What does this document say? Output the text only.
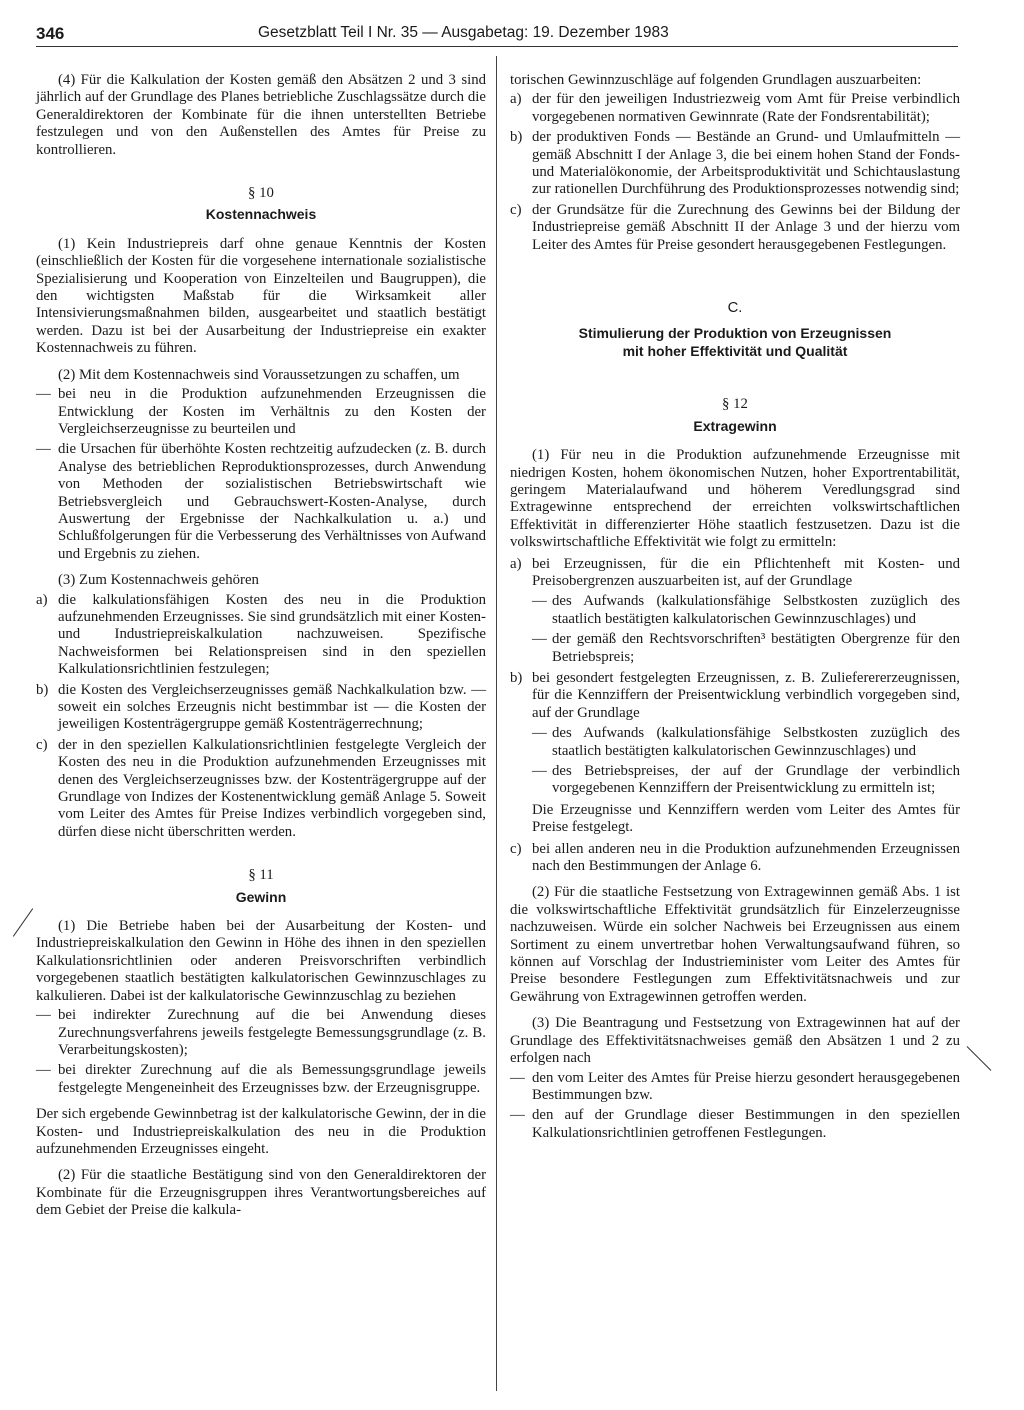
346	Gesetzblatt Teil I Nr. 35 — Ausgabetag: 19. Dezember 1983

(4) Für die Kalkulation der Kosten gemäß den Absätzen 2 und 3 sind jährlich auf der Grundlage des Planes betriebliche Zuschlagssätze durch die Generaldirektoren der Kombinate für die ihnen unterstellten Betriebe festzulegen und von den Außenstellen des Amtes für Preise zu kontrollieren.

§ 10
Kostennachweis

(1) Kein Industriepreis darf ohne genaue Kenntnis der Kosten (einschließlich der Kosten für die vorgesehene internationale sozialistische Spezialisierung und Kooperation von Einzelteilen und Baugruppen), die den wichtigsten Maßstab für die Wirksamkeit aller Intensivierungsmaßnahmen bilden, ausgearbeitet und staatlich bestätigt werden. Dazu ist bei der Ausarbeitung der Industriepreise ein exakter Kostennachweis zu führen.

(2) Mit dem Kostennachweis sind Voraussetzungen zu schaffen, um

— bei neu in die Produktion aufzunehmenden Erzeugnissen die Entwicklung der Kosten im Verhältnis zu den Kosten der Vergleichserzeugnisse zu beurteilen und
— die Ursachen für überhöhte Kosten rechtzeitig aufzudecken (z. B. durch Analyse des betrieblichen Reproduktionsprozesses, durch Anwendung von Methoden der sozialistischen Betriebswirtschaft wie Betriebsvergleich und Gebrauchswert-Kosten-Analyse, durch Auswertung der Ergebnisse der Nachkalkulation u. a.) und Schlußfolgerungen für die Verbesserung des Verhältnisses von Aufwand und Ergebnis zu ziehen.

(3) Zum Kostennachweis gehören

a) die kalkulationsfähigen Kosten des neu in die Produktion aufzunehmenden Erzeugnisses. Sie sind grundsätzlich mit einer Kosten- und Industriepreiskalkulation nachzuweisen. Spezifische Nachweisformen bei Relationspreisen sind in den speziellen Kalkulationsrichtlinien festzulegen;
b) die Kosten des Vergleichserzeugnisses gemäß Nachkalkulation bzw. — soweit ein solches Erzeugnis nicht bestimmbar ist — die Kosten der jeweiligen Kostenträgergruppe gemäß Kostenträgerrechnung;
c) der in den speziellen Kalkulationsrichtlinien festgelegte Vergleich der Kosten des neu in die Produktion aufzunehmenden Erzeugnisses mit denen des Vergleichserzeugnisses bzw. der Kostenträgergruppe auf der Grundlage von Indizes der Kostenentwicklung gemäß Anlage 5. Soweit vom Leiter des Amtes für Preise Indizes verbindlich vorgegeben sind, dürfen diese nicht überschritten werden.
§ 11
Gewinn

(1) Die Betriebe haben bei der Ausarbeitung der Kosten- und Industriepreiskalkulation den Gewinn in Höhe des ihnen in den speziellen Kalkulationsrichtlinien oder anderen Preisvorschriften verbindlich vorgegebenen staatlich bestätigten kalkulatorischen Gewinnzuschlages zu kalkulieren. Dabei ist der kalkulatorische Gewinnzuschlag zu beziehen

— bei indirekter Zurechnung auf die bei Anwendung dieses Zurechnungsverfahrens jeweils festgelegte Bemessungsgrundlage (z. B. Verarbeitungskosten);
— bei direkter Zurechnung auf die als Bemessungsgrundlage jeweils festgelegte Mengeneinheit des Erzeugnisses bzw. der Erzeugnisgruppe.

Der sich ergebende Gewinnbetrag ist der kalkulatorische Gewinn, der in die Kosten- und Industriepreiskalkulation des neu in die Produktion aufzunehmenden Erzeugnisses eingeht.

(2) Für die staatliche Bestätigung sind von den Generaldirektoren der Kombinate für die Erzeugnisgruppen ihres Verantwortungsbereiches auf dem Gebiet der Preise die kalkula-

torischen Gewinnzuschläge auf folgenden Grundlagen auszuarbeiten:

a) der für den jeweiligen Industriezweig vom Amt für Preise verbindlich vorgegebenen normativen Gewinnrate (Rate der Fondsrentabilität);
b) der produktiven Fonds — Bestände an Grund- und Umlaufmitteln — gemäß Abschnitt I der Anlage 3, die bei einem hohen Stand der Fonds- und Materialökonomie, der Arbeitsproduktivität und Schichtauslastung zur rationellen Durchführung des Produktionsprozesses notwendig sind;
c) der Grundsätze für die Zurechnung des Gewinns bei der Bildung der Industriepreise gemäß Abschnitt II der Anlage 3 und der hierzu vom Leiter des Amtes für Preise gesondert herausgegebenen Festlegungen.
C.
Stimulierung der Produktion von Erzeugnissen
mit hoher Effektivität und Qualität
§ 12
Extragewinn

(1) Für neu in die Produktion aufzunehmende Erzeugnisse mit niedrigen Kosten, hohem ökonomischen Nutzen, hoher Exportrentabilität, geringem Materialaufwand und höherem Veredlungsgrad sind Extragewinne entsprechend der erreichten volkswirtschaftlichen Effektivität in differenzierter Höhe staatlich festzusetzen. Dazu ist die volkswirtschaftliche Effektivität wie folgt zu ermitteln:

a) bei Erzeugnissen, für die ein Pflichtenheft mit Kosten- und Preisobergrenzen auszuarbeiten ist, auf der Grundlage
— des Aufwands (kalkulationsfähige Selbstkosten zuzüglich des staatlich bestätigten kalkulatorischen Gewinnzuschlages) und
— der gemäß den Rechtsvorschriften³ bestätigten Obergrenze für den Betriebspreis;
b) bei gesondert festgelegten Erzeugnissen, z. B. Zulieferererzeugnissen, für die Kennziffern der Preisentwicklung verbindlich vorgegeben sind, auf der Grundlage
— des Aufwands (kalkulationsfähige Selbstkosten zuzüglich des staatlich bestätigten kalkulatorischen Gewinnzuschlages) und
— des Betriebspreises, der auf der Grundlage der verbindlich vorgegebenen Kennziffern der Preisentwicklung zu ermitteln ist;

Die Erzeugnisse und Kennziffern werden vom Leiter des Amtes für Preise festgelegt.

c) bei allen anderen neu in die Produktion aufzunehmenden Erzeugnissen nach den Bestimmungen der Anlage 6.

(2) Für die staatliche Festsetzung von Extragewinnen gemäß Abs. 1 ist die volkswirtschaftliche Effektivität grundsätzlich für Einzelerzeugnisse nachzuweisen. Würde ein solcher Nachweis bei Erzeugnissen aus einem Sortiment zu einem unvertretbar hohen Verwaltungsaufwand führen, so können auf Vorschlag der Industrieminister vom Leiter des Amtes für Preise besondere Festlegungen zum Effektivitätsnachweis und zur Gewährung von Extragewinnen getroffen werden.

(3) Die Beantragung und Festsetzung von Extragewinnen hat auf der Grundlage des Effektivitätsnachweises gemäß den Absätzen 1 und 2 zu erfolgen nach

— den vom Leiter des Amtes für Preise hierzu gesondert herausgegebenen Bestimmungen bzw.
— den auf der Grundlage dieser Bestimmungen in den speziellen Kalkulationsrichtlinien getroffenen Festlegungen.
